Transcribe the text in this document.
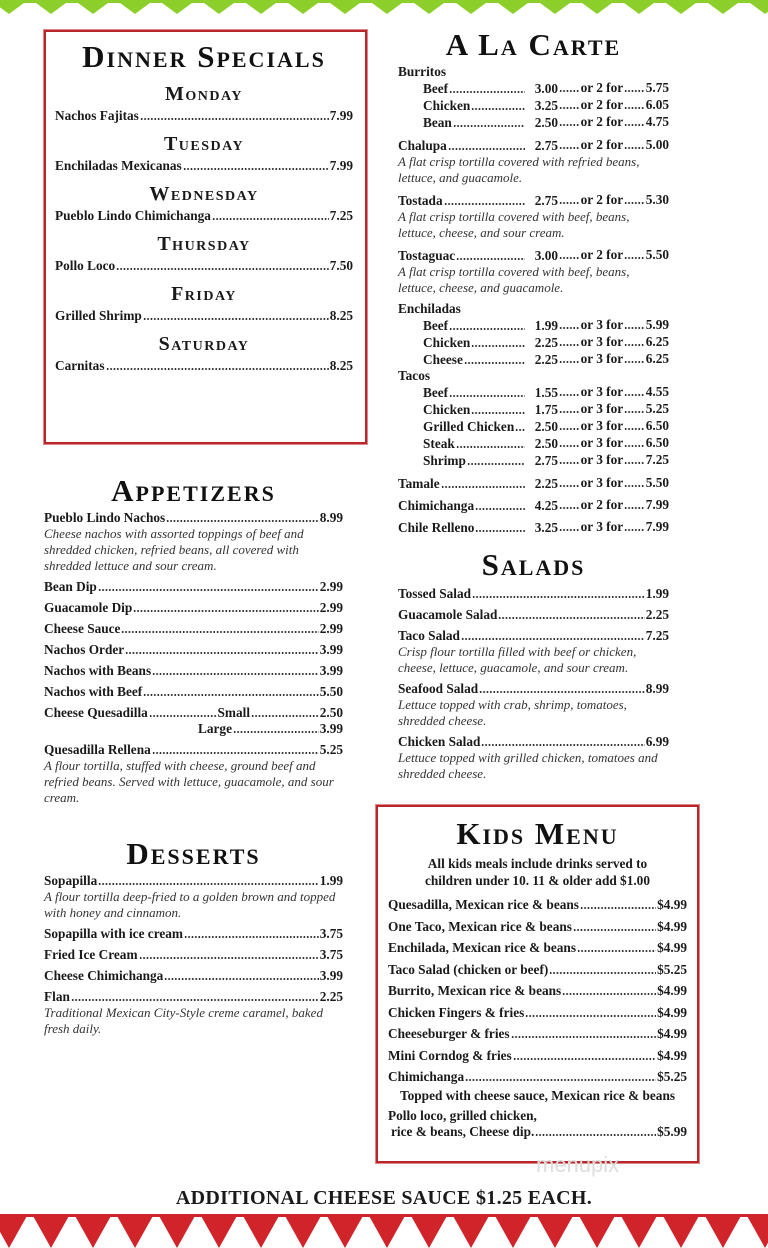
Dinner Specials
Monday
Nachos Fajitas	7.99
Tuesday
Enchiladas Mexicanas	7.99
Wednesday
Pueblo Lindo Chimichanga	7.25
Thursday
Pollo Loco	7.50
Friday
Grilled Shrimp	8.25
Saturday
Carnitas	8.25
A La Carte
Burritos
Beef	3.00 or 2 for 5.75
Chicken	3.25 or 2 for 6.05
Bean	2.50 or 2 for 4.75
Chalupa	2.75 or 2 for 5.00
A flat crisp tortilla covered with refried beans, lettuce, and guacamole.
Tostada	2.75 or 2 for 5.30
A flat crisp tortilla covered with beef, beans, lettuce, cheese, and sour cream.
Tostaguac	3.00 or 2 for 5.50
A flat crisp tortilla covered with beef, beans, lettuce, cheese, and guacamole.
Enchiladas
Beef	1.99 or 3 for 5.99
Chicken	2.25 or 3 for 6.25
Cheese	2.25 or 3 for 6.25
Tacos
Beef	1.55 or 3 for 4.55
Chicken	1.75 or 3 for 5.25
Grilled Chicken	2.50 or 3 for 6.50
Steak	2.50 or 3 for 6.50
Shrimp	2.75 or 3 for 7.25
Tamale	2.25 or 3 for 5.50
Chimichanga	4.25 or 2 for 7.99
Chile Relleno	3.25 or 3 for 7.99
Appetizers
Pueblo Lindo Nachos	8.99
Cheese nachos with assorted toppings of beef and shredded chicken, refried beans, all covered with shredded lettuce and sour cream.
Bean Dip	2.99
Guacamole Dip	2.99
Cheese Sauce	2.99
Nachos Order	3.99
Nachos with Beans	3.99
Nachos with Beef	5.50
Cheese Quesadilla	Small	2.50
Large	3.99
Quesadilla Rellena	5.25
A flour tortilla, stuffed with cheese, ground beef and refried beans. Served with lettuce, guacamole, and sour cream.
Desserts
Sopapilla	1.99
A flour tortilla deep-fried to a golden brown and topped with honey and cinnamon.
Sopapilla with ice cream	3.75
Fried Ice Cream	3.75
Cheese Chimichanga	3.99
Flan	2.25
Traditional Mexican City-Style creme caramel, baked fresh daily.
Salads
Tossed Salad	1.99
Guacamole Salad	2.25
Taco Salad	7.25
Crisp flour tortilla filled with beef or chicken, cheese, lettuce, guacamole, and sour cream.
Seafood Salad	8.99
Lettuce topped with crab, shrimp, tomatoes, shredded cheese.
Chicken Salad	6.99
Lettuce topped with grilled chicken, tomatoes and shredded cheese.
Kids Menu
All kids meals include drinks served to
children under 10. 11 & older add $1.00
Quesadilla, Mexican rice & beans	$4.99
One Taco, Mexican rice & beans	$4.99
Enchilada, Mexican rice & beans	$4.99
Taco Salad (chicken or beef)	$5.25
Burrito, Mexican rice & beans	$4.99
Chicken Fingers & fries	$4.99
Cheeseburger & fries	$4.99
Mini Corndog & fries	$4.99
Chimichanga	$5.25
Topped with cheese sauce, Mexican rice & beans
Pollo loco, grilled chicken,
rice & beans, Cheese dip.	$5.99
menupix
ADDITIONAL CHEESE SAUCE $1.25 EACH.
